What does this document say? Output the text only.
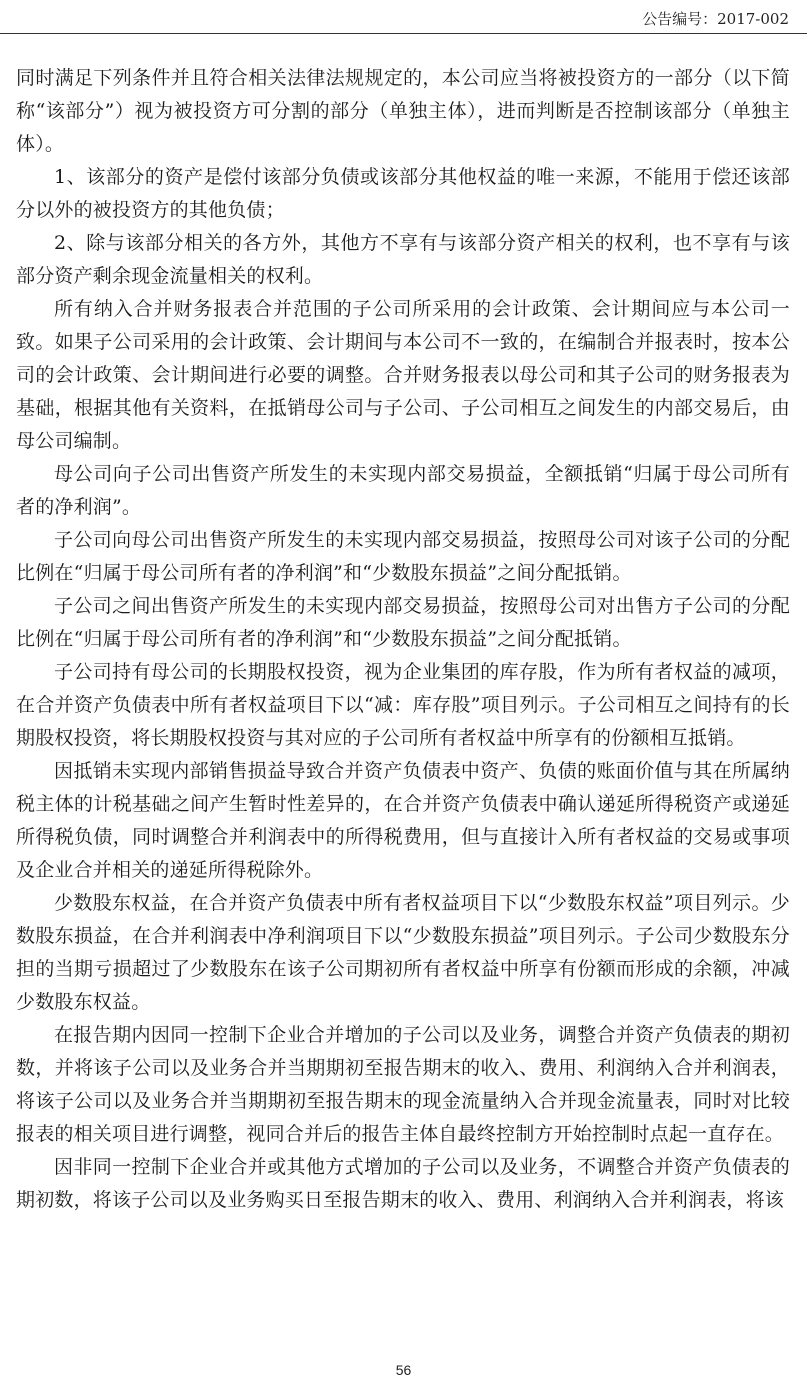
公告编号：2017-002

同时满足下列条件并且符合相关法律法规规定的，本公司应当将被投资方的一部分（以下简称“该部分”）视为被投资方可分割的部分（单独主体），进而判断是否控制该部分（单独主体）。

1、该部分的资产是偿付该部分负债或该部分其他权益的唯一来源，不能用于偿还该部分以外的被投资方的其他负债；

2、除与该部分相关的各方外，其他方不享有与该部分资产相关的权利，也不享有与该部分资产剩余现金流量相关的权利。

所有纳入合并财务报表合并范围的子公司所采用的会计政策、会计期间应与本公司一致。如果子公司采用的会计政策、会计期间与本公司不一致的，在编制合并报表时，按本公司的会计政策、会计期间进行必要的调整。合并财务报表以母公司和其子公司的财务报表为基础，根据其他有关资料，在抵销母公司与子公司、子公司相互之间发生的内部交易后，由母公司编制。

母公司向子公司出售资产所发生的未实现内部交易损益，全额抵销“归属于母公司所有者的净利润”。

子公司向母公司出售资产所发生的未实现内部交易损益，按照母公司对该子公司的分配比例在“归属于母公司所有者的净利润”和“少数股东损益”之间分配抵销。

子公司之间出售资产所发生的未实现内部交易损益，按照母公司对出售方子公司的分配比例在“归属于母公司所有者的净利润”和“少数股东损益”之间分配抵销。

子公司持有母公司的长期股权投资，视为企业集团的库存股，作为所有者权益的减项，在合并资产负债表中所有者权益项目下以“减：库存股”项目列示。子公司相互之间持有的长期股权投资，将长期股权投资与其对应的子公司所有者权益中所享有的份额相互抵销。

因抵销未实现内部销售损益导致合并资产负债表中资产、负债的账面价值与其在所属纳税主体的计税基础之间产生暂时性差异的，在合并资产负债表中确认递延所得税资产或递延所得税负债，同时调整合并利润表中的所得税费用，但与直接计入所有者权益的交易或事项及企业合并相关的递延所得税除外。

少数股东权益，在合并资产负债表中所有者权益项目下以“少数股东权益”项目列示。少数股东损益，在合并利润表中净利润项目下以“少数股东损益”项目列示。子公司少数股东分担的当期亏损超过了少数股东在该子公司期初所有者权益中所享有份额而形成的余额，冲减少数股东权益。

在报告期内因同一控制下企业合并增加的子公司以及业务，调整合并资产负债表的期初数，并将该子公司以及业务合并当期期初至报告期末的收入、费用、利润纳入合并利润表，将该子公司以及业务合并当期期初至报告期末的现金流量纳入合并现金流量表，同时对比较报表的相关项目进行调整，视同合并后的报告主体自最终控制方开始控制时点起一直存在。

因非同一控制下企业合并或其他方式增加的子公司以及业务，不调整合并资产负债表的期初数，将该子公司以及业务购买日至报告期末的收入、费用、利润纳入合并利润表，将该

56
